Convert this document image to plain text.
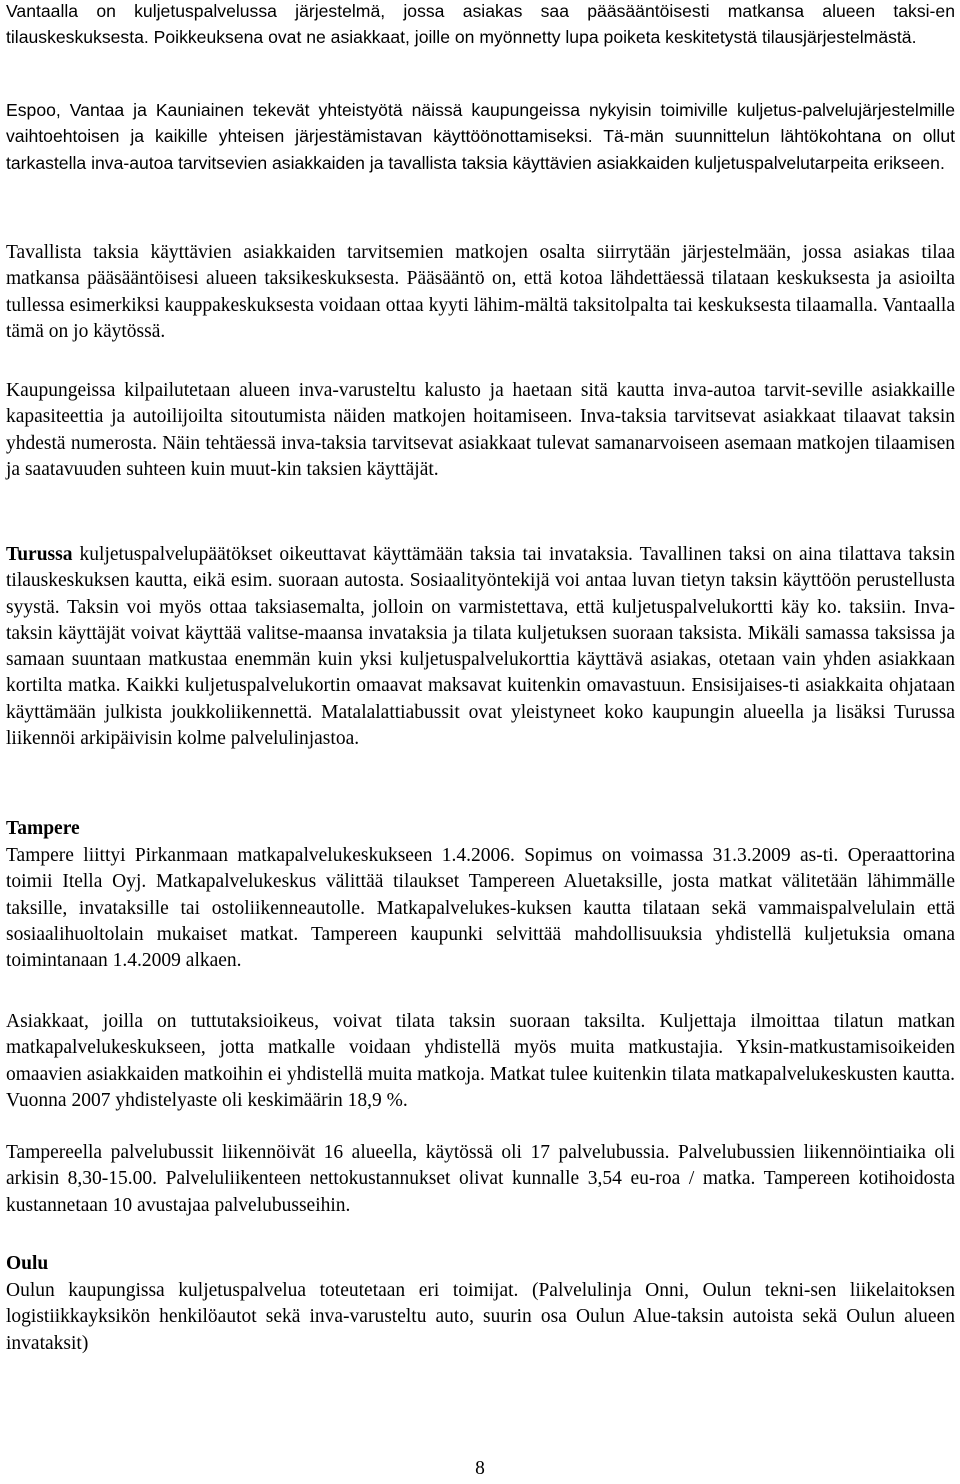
Vantaalla on kuljetuspalvelussa järjestelmä, jossa asiakas saa pääsääntöisesti matkansa alueen taksi-en tilauskeskuksesta. Poikkeuksena ovat ne asiakkaat, joille on myönnetty lupa poiketa keskitetystä tilausjärjestelmästä.

Espoo, Vantaa ja Kauniainen tekevät yhteistyötä näissä kaupungeissa nykyisin toimiville kuljetus-palvelujärjestelmille vaihtoehtoisen ja kaikille yhteisen järjestämistavan käyttöönottamiseksi. Tä-män suunnittelun lähtökohtana on ollut tarkastella inva-autoa tarvitsevien asiakkaiden ja tavallista taksia käyttävien asiakkaiden kuljetuspalvelutarpeita erikseen.

Tavallista taksia käyttävien asiakkaiden tarvitsemien matkojen osalta siirrytään järjestelmään, jossa asiakas tilaa matkansa pääsääntöisesi alueen taksikeskuksesta. Pääsääntö on, että kotoa lähdettäessä tilataan keskuksesta ja asioilta tullessa esimerkiksi kauppakeskuksesta voidaan ottaa kyyti lähim-mältä taksitolpalta tai keskuksesta tilaamalla. Vantaalla tämä on jo käytössä.

Kaupungeissa kilpailutetaan alueen inva-varusteltu kalusto ja haetaan sitä kautta inva-autoa tarvit-seville asiakkaille kapasiteettia ja autoilijoilta sitoutumista näiden matkojen hoitamiseen. Inva-taksia tarvitsevat asiakkaat tilaavat taksin yhdestä numerosta. Näin tehtäessä inva-taksia tarvitsevat asiakkaat tulevat samanarvoiseen asemaan matkojen tilaamisen ja saatavuuden suhteen kuin muut-kin taksien käyttäjät.

Turussa kuljetuspalvelupäätökset oikeuttavat käyttämään taksia tai invataksia. Tavallinen taksi on aina tilattava taksin tilauskeskuksen kautta, eikä esim. suoraan autosta. Sosiaalityöntekijä voi antaa luvan tietyn taksin käyttöön perustellusta syystä. Taksin voi myös ottaa taksiasemalta, jolloin on varmistettava, että kuljetuspalvelukortti käy ko. taksiin. Inva-taksin käyttäjät voivat käyttää valitse-maansa invataksia ja tilata kuljetuksen suoraan taksista. Mikäli samassa taksissa ja samaan suuntaan matkustaa enemmän kuin yksi kuljetuspalvelukorttia käyttävä asiakas, otetaan vain yhden asiakkaan kortilta matka. Kaikki kuljetuspalvelukortin omaavat maksavat kuitenkin omavastuun. Ensisijaises-ti asiakkaita ohjataan käyttämään julkista joukkoliikennettä. Matalalattiabussit ovat yleistyneet koko kaupungin alueella ja lisäksi Turussa liikennöi arkipäivisin kolme palvelulinjastoa.

Tampere

Tampere liittyi Pirkanmaan matkapalvelukeskukseen 1.4.2006. Sopimus on voimassa 31.3.2009 as-ti. Operaattorina toimii Itella Oyj. Matkapalvelukeskus välittää tilaukset Tampereen Aluetaksille, josta matkat välitetään lähimmälle taksille, invataksille tai ostoliikenneautolle. Matkapalvelukes-kuksen kautta tilataan sekä vammaispalvelulain että sosiaalihuoltolain mukaiset matkat. Tampereen kaupunki selvittää mahdollisuuksia yhdistellä kuljetuksia omana toimintanaan 1.4.2009 alkaen.

Asiakkaat, joilla on tuttutaksioikeus, voivat tilata taksin suoraan taksilta. Kuljettaja ilmoittaa tilatun matkan matkapalvelukeskukseen, jotta matkalle voidaan yhdistellä myös muita matkustajia. Yksin-matkustamisoikeiden omaavien asiakkaiden matkoihin ei yhdistellä muita matkoja. Matkat tulee kuitenkin tilata matkapalvelukeskusten kautta. Vuonna 2007 yhdistelyaste oli keskimäärin 18,9 %.

Tampereella palvelubussit liikennöivät 16 alueella, käytössä oli 17 palvelubussia. Palvelubussien liikennöintiaika oli arkisin 8,30-15.00. Palveluliikenteen nettokustannukset olivat kunnalle 3,54 eu-roa / matka. Tampereen kotihoidosta kustannetaan 10 avustajaa palvelubusseihin.

Oulu

Oulun kaupungissa kuljetuspalvelua toteutetaan eri toimijat. (Palvelulinja Onni, Oulun tekni-sen liikelaitoksen logistiikkayksikön henkilöautot sekä inva-varusteltu auto, suurin osa Oulun Alue-taksin autoista sekä Oulun alueen invataksit)

8
